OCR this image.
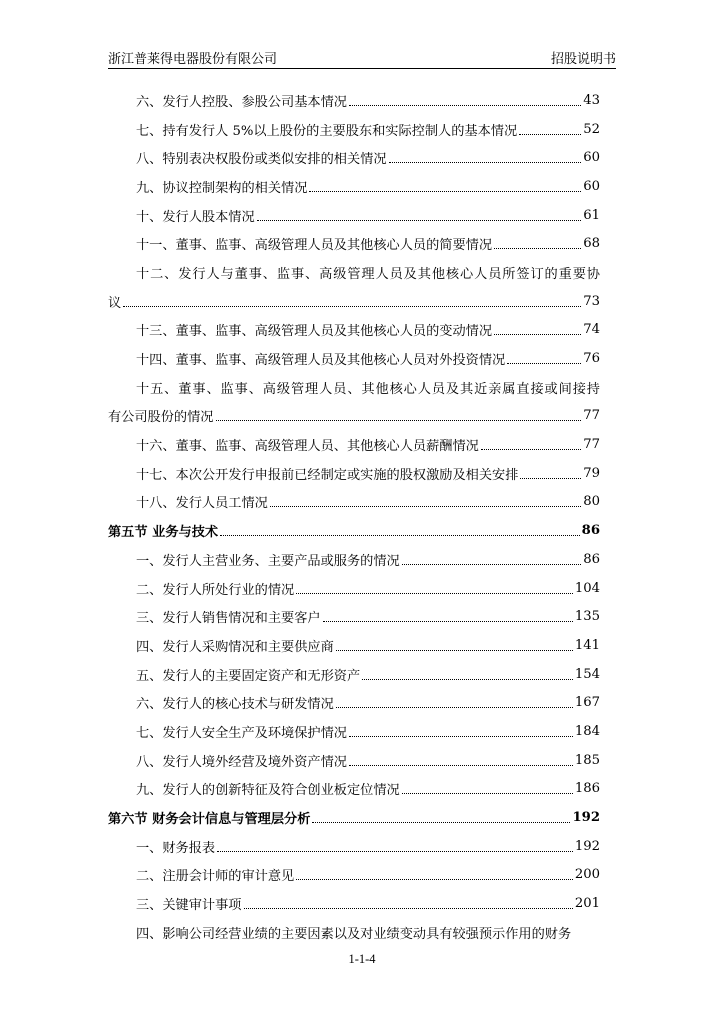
浙江普莱得电器股份有限公司	招股说明书
六、发行人控股、参股公司基本情况	43
七、持有发行人 5%以上股份的主要股东和实际控制人的基本情况	52
八、特别表决权股份或类似安排的相关情况	60
九、协议控制架构的相关情况	60
十、发行人股本情况	61
十一、董事、监事、高级管理人员及其他核心人员的简要情况	68
十二、发行人与董事、监事、高级管理人员及其他核心人员所签订的重要协
议	73
十三、董事、监事、高级管理人员及其他核心人员的变动情况	74
十四、董事、监事、高级管理人员及其他核心人员对外投资情况	76
十五、董事、监事、高级管理人员、其他核心人员及其近亲属直接或间接持
有公司股份的情况	77
十六、董事、监事、高级管理人员、其他核心人员薪酬情况	77
十七、本次公开发行申报前已经制定或实施的股权激励及相关安排	79
十八、发行人员工情况	80
第五节 业务与技术	86
一、发行人主营业务、主要产品或服务的情况	86
二、发行人所处行业的情况	104
三、发行人销售情况和主要客户	135
四、发行人采购情况和主要供应商	141
五、发行人的主要固定资产和无形资产	154
六、发行人的核心技术与研发情况	167
七、发行人安全生产及环境保护情况	184
八、发行人境外经营及境外资产情况	185
九、发行人的创新特征及符合创业板定位情况	186
第六节 财务会计信息与管理层分析	192
一、财务报表	192
二、注册会计师的审计意见	200
三、关键审计事项	201
四、影响公司经营业绩的主要因素以及对业绩变动具有较强预示作用的财务
1-1-4
